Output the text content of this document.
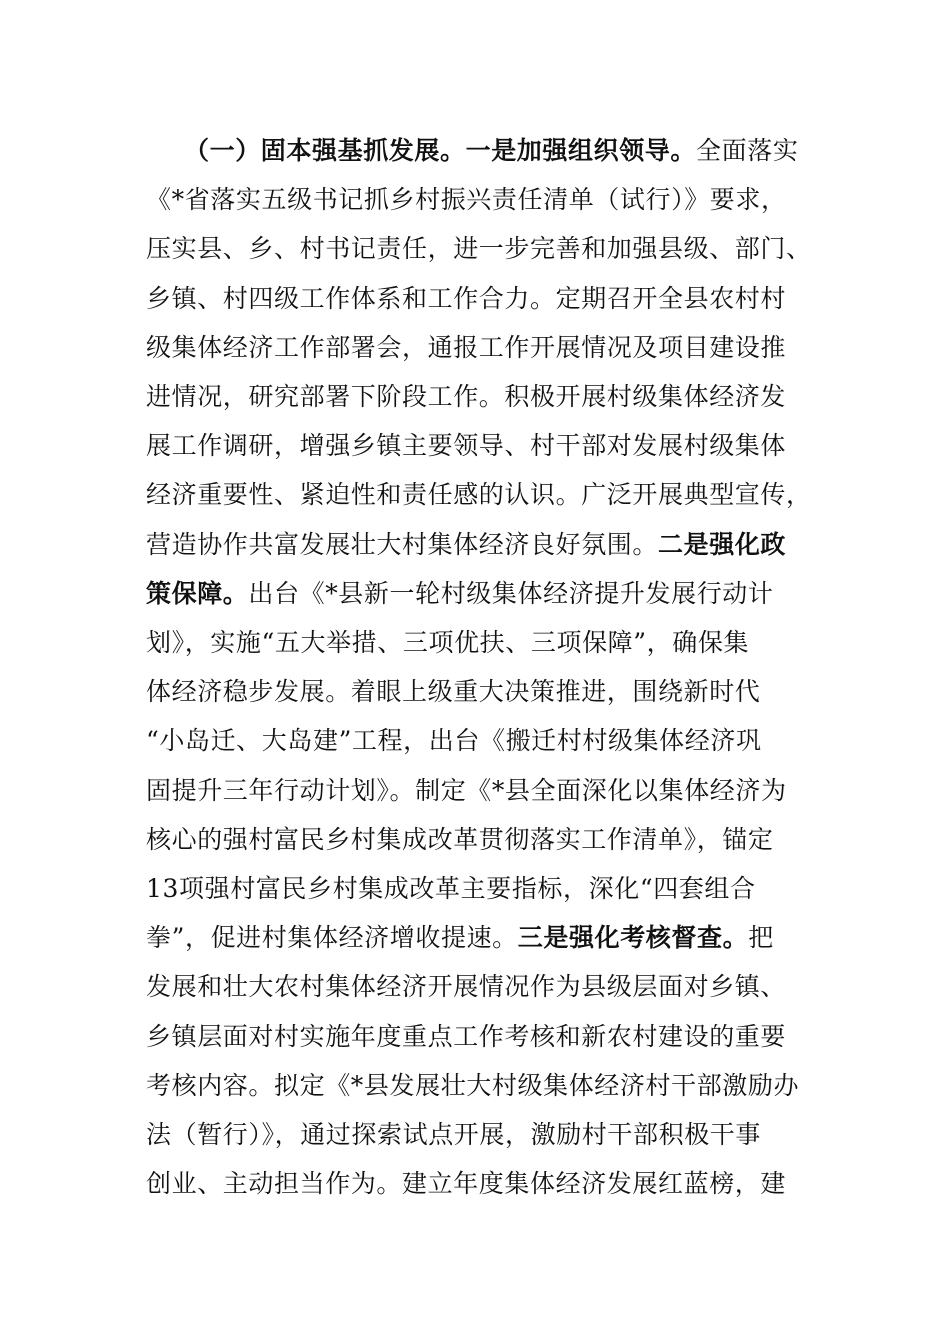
（一）固本强基抓发展。一是加强组织领导。全面落实
《*省落实五级书记抓乡村振兴责任清单（试行）》要求，
压实县、乡、村书记责任，进一步完善和加强县级、部门、
乡镇、村四级工作体系和工作合力。定期召开全县农村村
级集体经济工作部署会，通报工作开展情况及项目建设推
进情况，研究部署下阶段工作。积极开展村级集体经济发
展工作调研，增强乡镇主要领导、村干部对发展村级集体
经济重要性、紧迫性和责任感的认识。广泛开展典型宣传，
营造协作共富发展壮大村集体经济良好氛围。二是强化政
策保障。出台《*县新一轮村级集体经济提升发展行动计
划》，实施“五大举措、三项优扶、三项保障”，确保集
体经济稳步发展。着眼上级重大决策推进，围绕新时代
“小岛迁、大岛建”工程，出台《搬迁村村级集体经济巩
固提升三年行动计划》。制定《*县全面深化以集体经济为
核心的强村富民乡村集成改革贯彻落实工作清单》，锚定
13项强村富民乡村集成改革主要指标，深化“四套组合
拳”，促进村集体经济增收提速。三是强化考核督查。把
发展和壮大农村集体经济开展情况作为县级层面对乡镇、
乡镇层面对村实施年度重点工作考核和新农村建设的重要
考核内容。拟定《*县发展壮大村级集体经济村干部激励办
法（暂行）》，通过探索试点开展，激励村干部积极干事
创业、主动担当作为。建立年度集体经济发展红蓝榜，建
